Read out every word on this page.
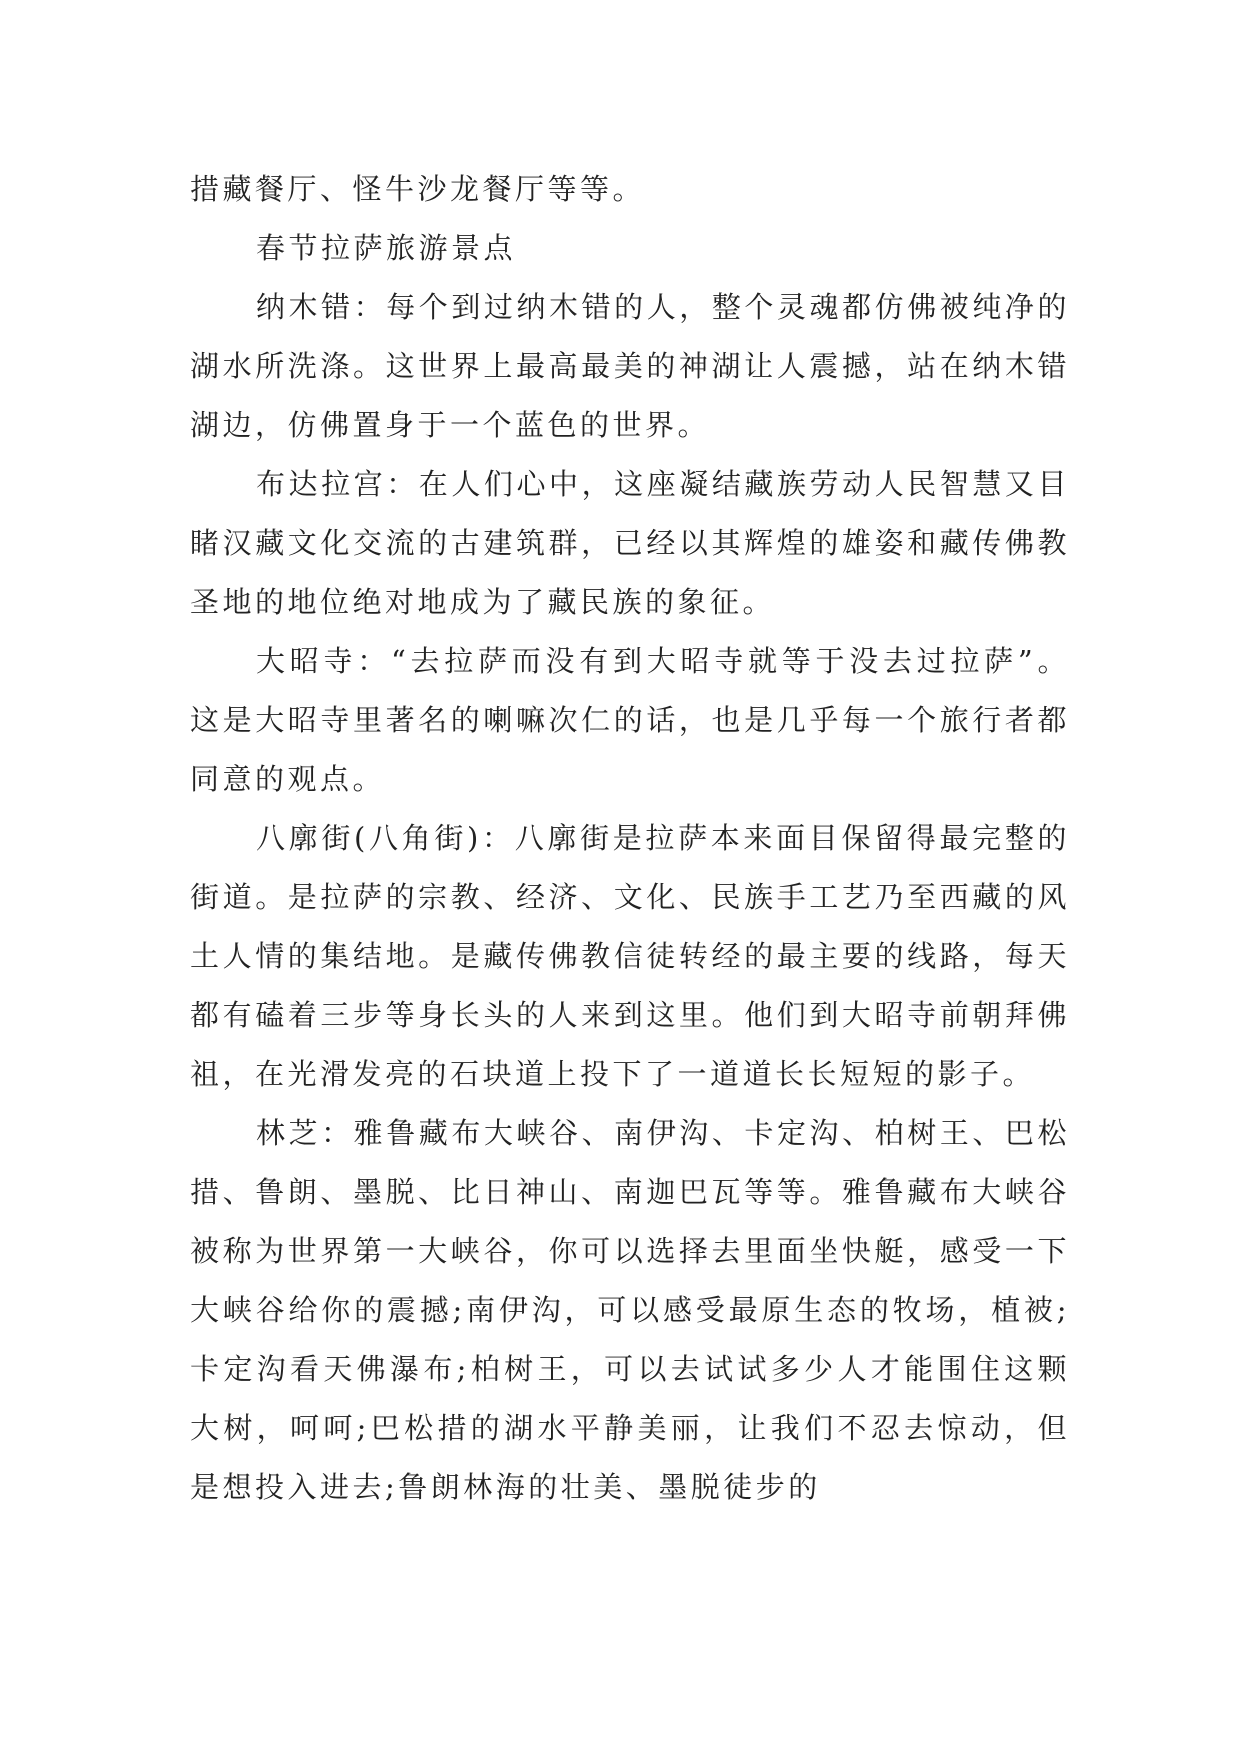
措藏餐厅、怪牛沙龙餐厅等等。

春节拉萨旅游景点

纳木错：每个到过纳木错的人，整个灵魂都仿佛被纯净的湖水所洗涤。这世界上最高最美的神湖让人震撼，站在纳木错湖边，仿佛置身于一个蓝色的世界。

布达拉宫：在人们心中，这座凝结藏族劳动人民智慧又目睹汉藏文化交流的古建筑群，已经以其辉煌的雄姿和藏传佛教圣地的地位绝对地成为了藏民族的象征。

大昭寺：“去拉萨而没有到大昭寺就等于没去过拉萨”。这是大昭寺里著名的喇嘛次仁的话，也是几乎每一个旅行者都同意的观点。

八廓街(八角街)：八廓街是拉萨本来面目保留得最完整的街道。是拉萨的宗教、经济、文化、民族手工艺乃至西藏的风土人情的集结地。是藏传佛教信徒转经的最主要的线路，每天都有磕着三步等身长头的人来到这里。他们到大昭寺前朝拜佛祖，在光滑发亮的石块道上投下了一道道长长短短的影子。

林芝：雅鲁藏布大峡谷、南伊沟、卡定沟、柏树王、巴松措、鲁朗、墨脱、比日神山、南迦巴瓦等等。雅鲁藏布大峡谷被称为世界第一大峡谷，你可以选择去里面坐快艇，感受一下大峡谷给你的震撼;南伊沟，可以感受最原生态的牧场，植被;卡定沟看天佛瀑布;柏树王，可以去试试多少人才能围住这颗大树，呵呵;巴松措的湖水平静美丽，让我们不忍去惊动，但是想投入进去;鲁朗林海的壮美、墨脱徒步的
